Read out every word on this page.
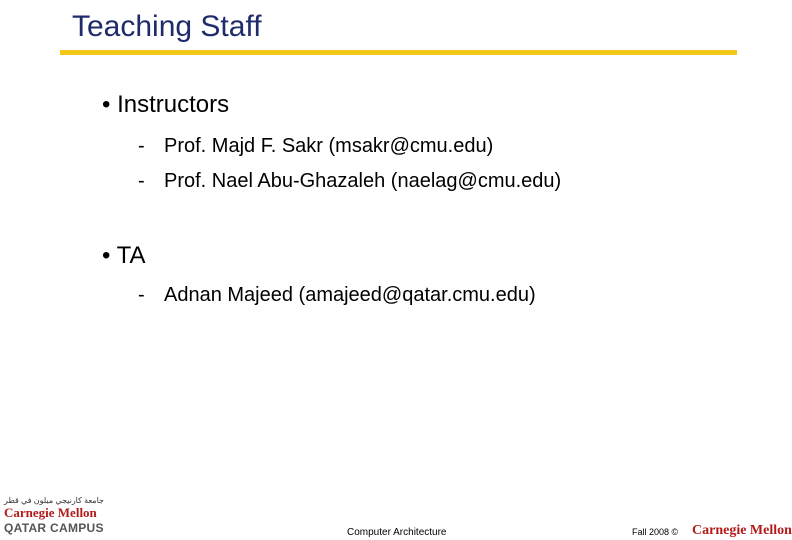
Teaching Staff
• Instructors
- Prof. Majd F. Sakr (msakr@cmu.edu)
- Prof. Nael Abu-Ghazaleh (naelag@cmu.edu)
• TA
- Adnan Majeed (amajeed@qatar.cmu.edu)
جامعة كارنيجي ميلون في قطر
Carnegie Mellon
QATAR CAMPUS	Computer Architecture	Fall 2008 © Carnegie Mellon
